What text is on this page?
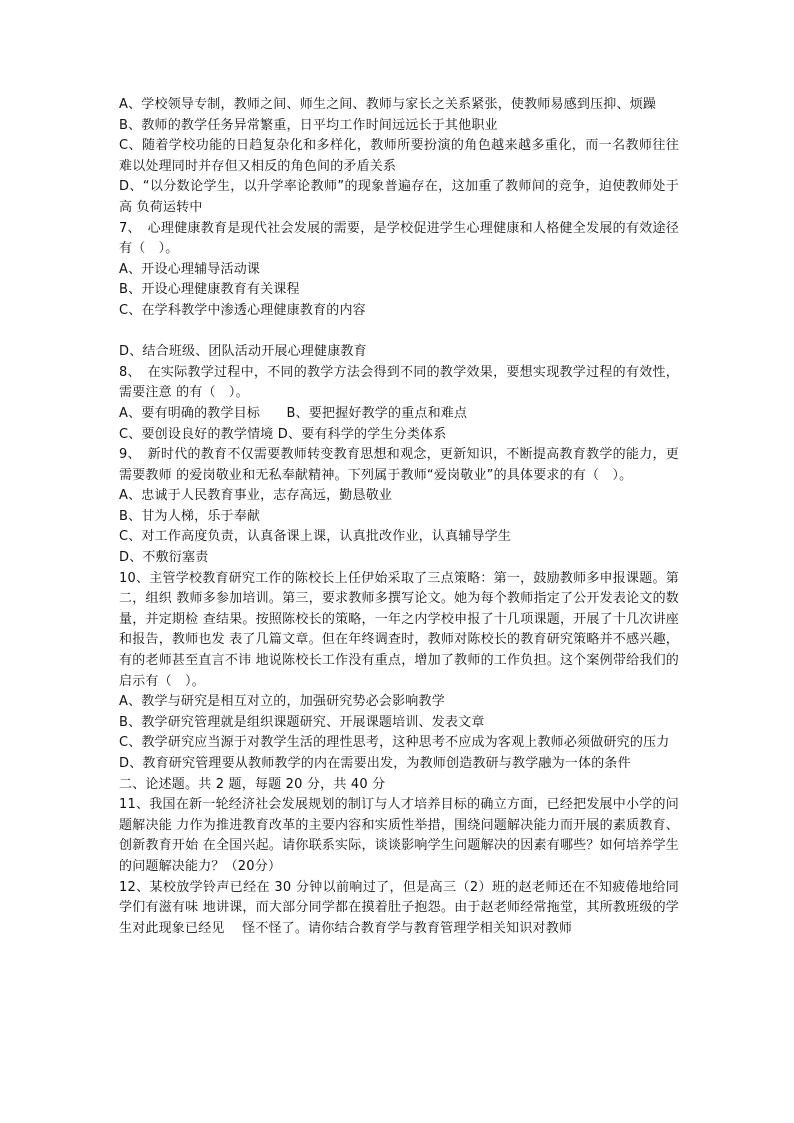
A、学校领导专制，教师之间、师生之间、教师与家长之关系紧张，使教师易感到压抑、烦躁

B、教师的教学任务异常繁重，日平均工作时间远远长于其他职业

C、随着学校功能的日趋复杂化和多样化，教师所要扮演的角色越来越多重化，而一名教师往往 难以处理同时并存但又相反的角色间的矛盾关系

D、“以分数论学生，以升学率论教师”的现象普遍存在，这加重了教师间的竞争，迫使教师处于高 负荷运转中

7、　心理健康教育是现代社会发展的需要，是学校促进学生心理健康和人格健全发展的有效途径有（　）。

A、开设心理辅导活动课

B、开设心理健康教育有关课程

C、在学科教学中渗透心理健康教育的内容

D、结合班级、团队活动开展心理健康教育

8、　在实际教学过程中，不同的教学方法会得到不同的教学效果，要想实现教学过程的有效性，需要注意 的有（　）。

A、要有明确的教学目标　　B、要把握好教学的重点和难点

C、要创设良好的教学情境 D、要有科学的学生分类体系

9、　新时代的教育不仅需要教师转变教育思想和观念，更新知识，不断提高教育教学的能力，更需要教师 的爱岗敬业和无私奉献精神。下列属于教师“爱岗敬业”的具体要求的有（　）。

A、忠诚于人民教育事业，志存高远，勤恳敬业

B、甘为人梯，乐于奉献

C、对工作高度负责，认真备课上课，认真批改作业，认真辅导学生

D、不敷衍塞责

10、主管学校教育研究工作的陈校长上任伊始采取了三点策略：第一，鼓励教师多申报课题。第二，组织 教师多参加培训。第三，要求教师多撰写论文。她为每个教师指定了公开发表论文的数量，并定期检 查结果。按照陈校长的策略，一年之内学校申报了十几项课题，开展了十几次讲座和报告，教师也发 表了几篇文章。但在年终调查时，教师对陈校长的教育研究策略并不感兴趣，有的老师甚至直言不讳 地说陈校长工作没有重点，增加了教师的工作负担。这个案例带给我们的启示有（　）。

A、教学与研究是相互对立的，加强研究势必会影响教学

B、教学研究管理就是组织课题研究、开展课题培训、发表文章

C、教学研究应当源于对教学生活的理性思考，这种思考不应成为客观上教师必须做研究的压力

D、教育研究管理要从教师教学的内在需要出发，为教师创造教研与教学融为一体的条件

二、论述题。共 2 题，每题 20 分，共 40 分

11、我国在新一轮经济社会发展规划的制订与人才培养目标的确立方面，已经把发展中小学的问题解决能 力作为推进教育改革的主要内容和实质性举措，围绕问题解决能力而开展的素质教育、创新教育开始 在全国兴起。请你联系实际，谈谈影响学生问题解决的因素有哪些？如何培养学生的问题解决能力？（20分）

12、某校放学铃声已经在 30 分钟以前响过了，但是高三（2）班的赵老师还在不知疲倦地给同学们有滋有味 地讲课，而大部分同学都在摸着肚子抱怨。由于赵老师经常拖堂，其所教班级的学生对此现象已经见　 怪不怪了。请你结合教育学与教育管理学相关知识对教师
